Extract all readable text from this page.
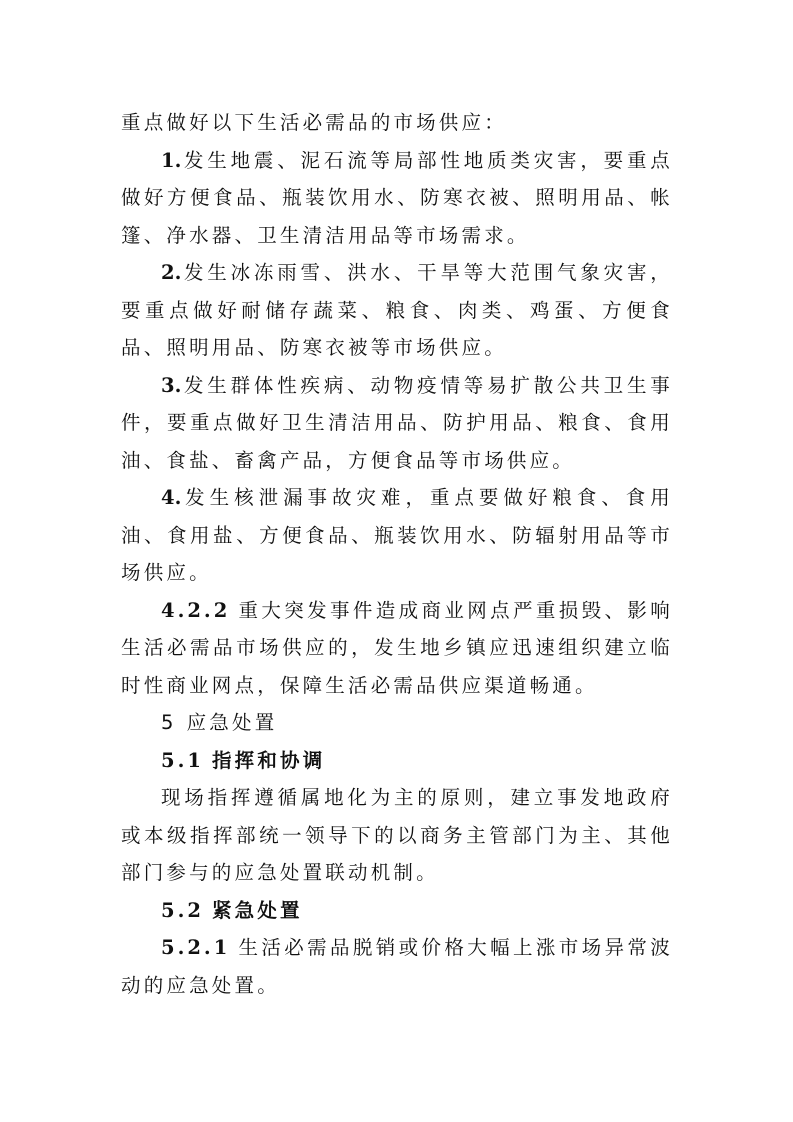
重点做好以下生活必需品的市场供应：

1. 发生地震、泥石流等局部性地质类灾害，要重点做好方便食品、瓶装饮用水、防寒衣被、照明用品、帐篷、净水器、卫生清洁用品等市场需求。

2. 发生冰冻雨雪、洪水、干旱等大范围气象灾害，要重点做好耐储存蔬菜、粮食、肉类、鸡蛋、方便食品、照明用品、防寒衣被等市场供应。

3. 发生群体性疾病、动物疫情等易扩散公共卫生事件，要重点做好卫生清洁用品、防护用品、粮食、食用油、食盐、畜禽产品，方便食品等市场供应。

4. 发生核泄漏事故灾难，重点要做好粮食、食用油、食用盐、方便食品、瓶装饮用水、防辐射用品等市场供应。

4.2.2 重大突发事件造成商业网点严重损毁、影响生活必需品市场供应的，发生地乡镇应迅速组织建立临时性商业网点，保障生活必需品供应渠道畅通。

5 应急处置

5.1 指挥和协调

现场指挥遵循属地化为主的原则，建立事发地政府或本级指挥部统一领导下的以商务主管部门为主、其他部门参与的应急处置联动机制。

5.2 紧急处置

5.2.1 生活必需品脱销或价格大幅上涨市场异常波动的应急处置。
